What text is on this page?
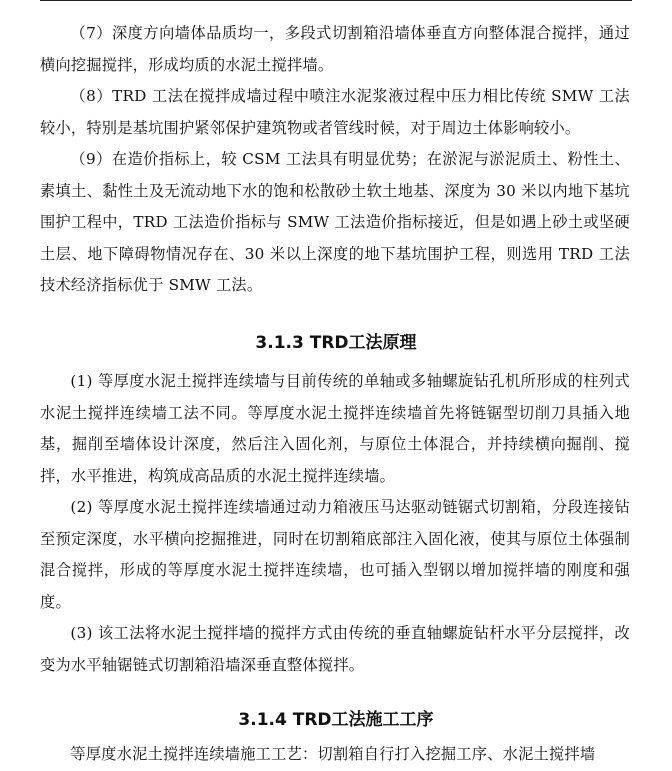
（7）深度方向墙体品质均一，多段式切割箱沿墙体垂直方向整体混合搅拌，通过横向挖掘搅拌，形成均质的水泥土搅拌墙。

（8）TRD 工法在搅拌成墙过程中喷注水泥浆液过程中压力相比传统 SMW 工法较小，特别是基坑围护紧邻保护建筑物或者管线时候，对于周边土体影响较小。

（9）在造价指标上，较 CSM 工法具有明显优势；在淤泥与淤泥质土、粉性土、素填土、黏性土及无流动地下水的饱和松散砂土软土地基、深度为 30 米以内地下基坑围护工程中，TRD 工法造价指标与 SMW 工法造价指标接近，但是如遇上砂土或坚硬土层、地下障碍物情况存在、30 米以上深度的地下基坑围护工程，则选用 TRD 工法技术经济指标优于 SMW 工法。

3.1.3 TRD工法原理

(1) 等厚度水泥土搅拌连续墙与目前传统的单轴或多轴螺旋钻孔机所形成的柱列式水泥土搅拌连续墙工法不同。等厚度水泥土搅拌连续墙首先将链锯型切削刀具插入地基，掘削至墙体设计深度，然后注入固化剂，与原位土体混合，并持续横向掘削、搅拌，水平推进，构筑成高品质的水泥土搅拌连续墙。

(2) 等厚度水泥土搅拌连续墙通过动力箱液压马达驱动链锯式切割箱，分段连接钻至预定深度，水平横向挖掘推进，同时在切割箱底部注入固化液，使其与原位土体强制混合搅拌，形成的等厚度水泥土搅拌连续墙，也可插入型钢以增加搅拌墙的刚度和强度。

(3) 该工法将水泥土搅拌墙的搅拌方式由传统的垂直轴螺旋钻杆水平分层搅拌，改变为水平轴锯链式切割箱沿墙深垂直整体搅拌。

3.1.4 TRD工法施工工序

等厚度水泥土搅拌连续墙施工工艺：切割箱自行打入挖掘工序、水泥土搅拌墙
